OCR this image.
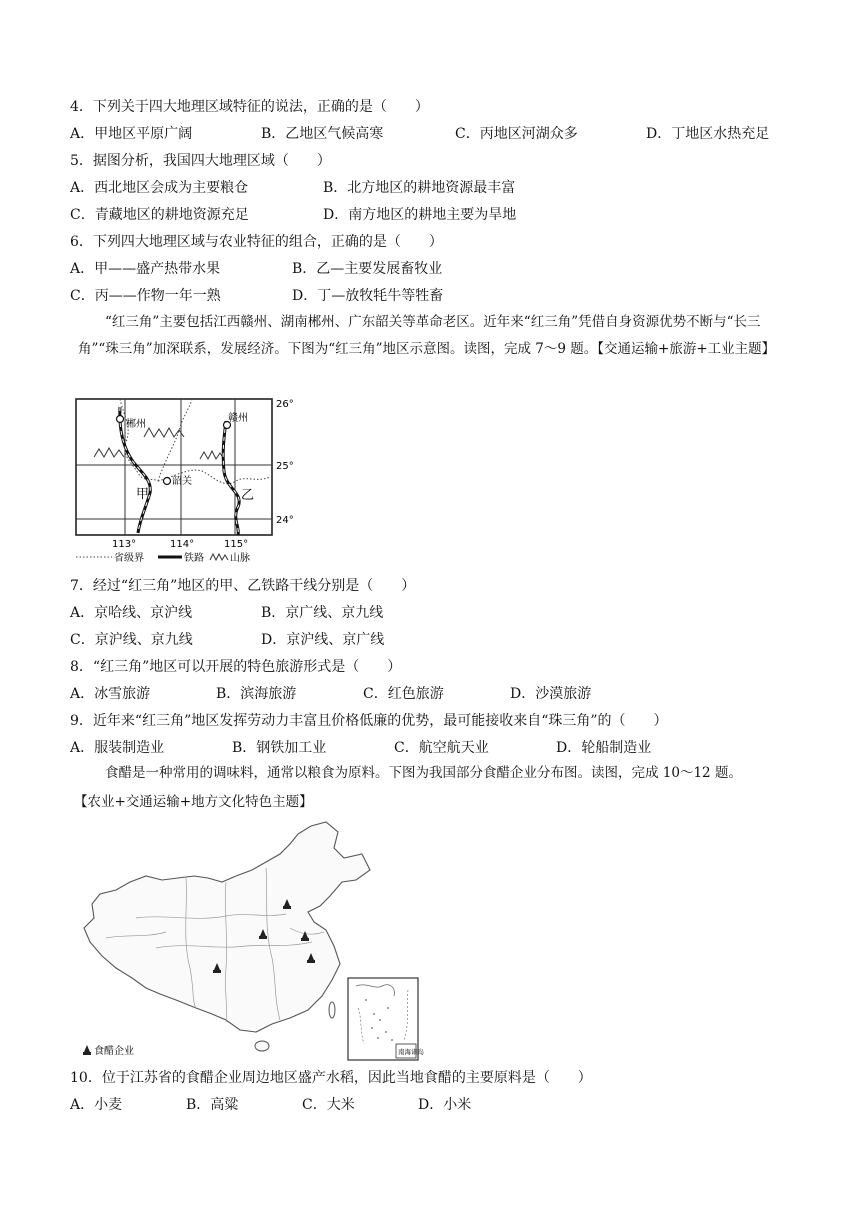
4．下列关于四大地理区域特征的说法，正确的是（　　）
A．甲地区平原广阔	B．乙地区气候高寒	C．丙地区河湖众多	D．丁地区水热充足
5．据图分析，我国四大地理区域（　　）
A．西北地区会成为主要粮仓	B．北方地区的耕地资源最丰富
C．青藏地区的耕地资源充足	D．南方地区的耕地主要为旱地
6．下列四大地理区域与农业特征的组合，正确的是（　　）
A．甲——盛产热带水果	B．乙—主要发展畜牧业
C．丙——作物一年一熟	D．丁—放牧牦牛等牲畜
“红三角”主要包括江西赣州、湖南郴州、广东韶关等革命老区。近年来“红三角”凭借自身资源优势不断与“长三角”“珠三角”加深联系，发展经济。下图为“红三角”地区示意图。读图，完成 7～9 题。【交通运输+旅游+工业主题】
郴州
赣州
韶关
甲	乙
26°
25°
24°
113°	114°	115°
省级界	铁路	山脉
7．经过“红三角”地区的甲、乙铁路干线分别是（　　）
A．京哈线、京沪线	B．京广线、京九线
C．京沪线、京九线	D．京沪线、京广线
8．“红三角”地区可以开展的特色旅游形式是（　　）
A．冰雪旅游	B．滨海旅游	C．红色旅游	D．沙漠旅游
9．近年来“红三角”地区发挥劳动力丰富且价格低廉的优势，最可能接收来自“珠三角”的（　　）
A．服装制造业	B．钢铁加工业	C．航空航天业	D．轮船制造业
食醋是一种常用的调味料，通常以粮食为原料。下图为我国部分食醋企业分布图。读图，完成 10～12 题。
【农业+交通运输+地方文化特色主题】
南海诸岛
食醋企业
10．位于江苏省的食醋企业周边地区盛产水稻，因此当地食醋的主要原料是（　　）
A．小麦	B．高粱	C．大米	D．小米
